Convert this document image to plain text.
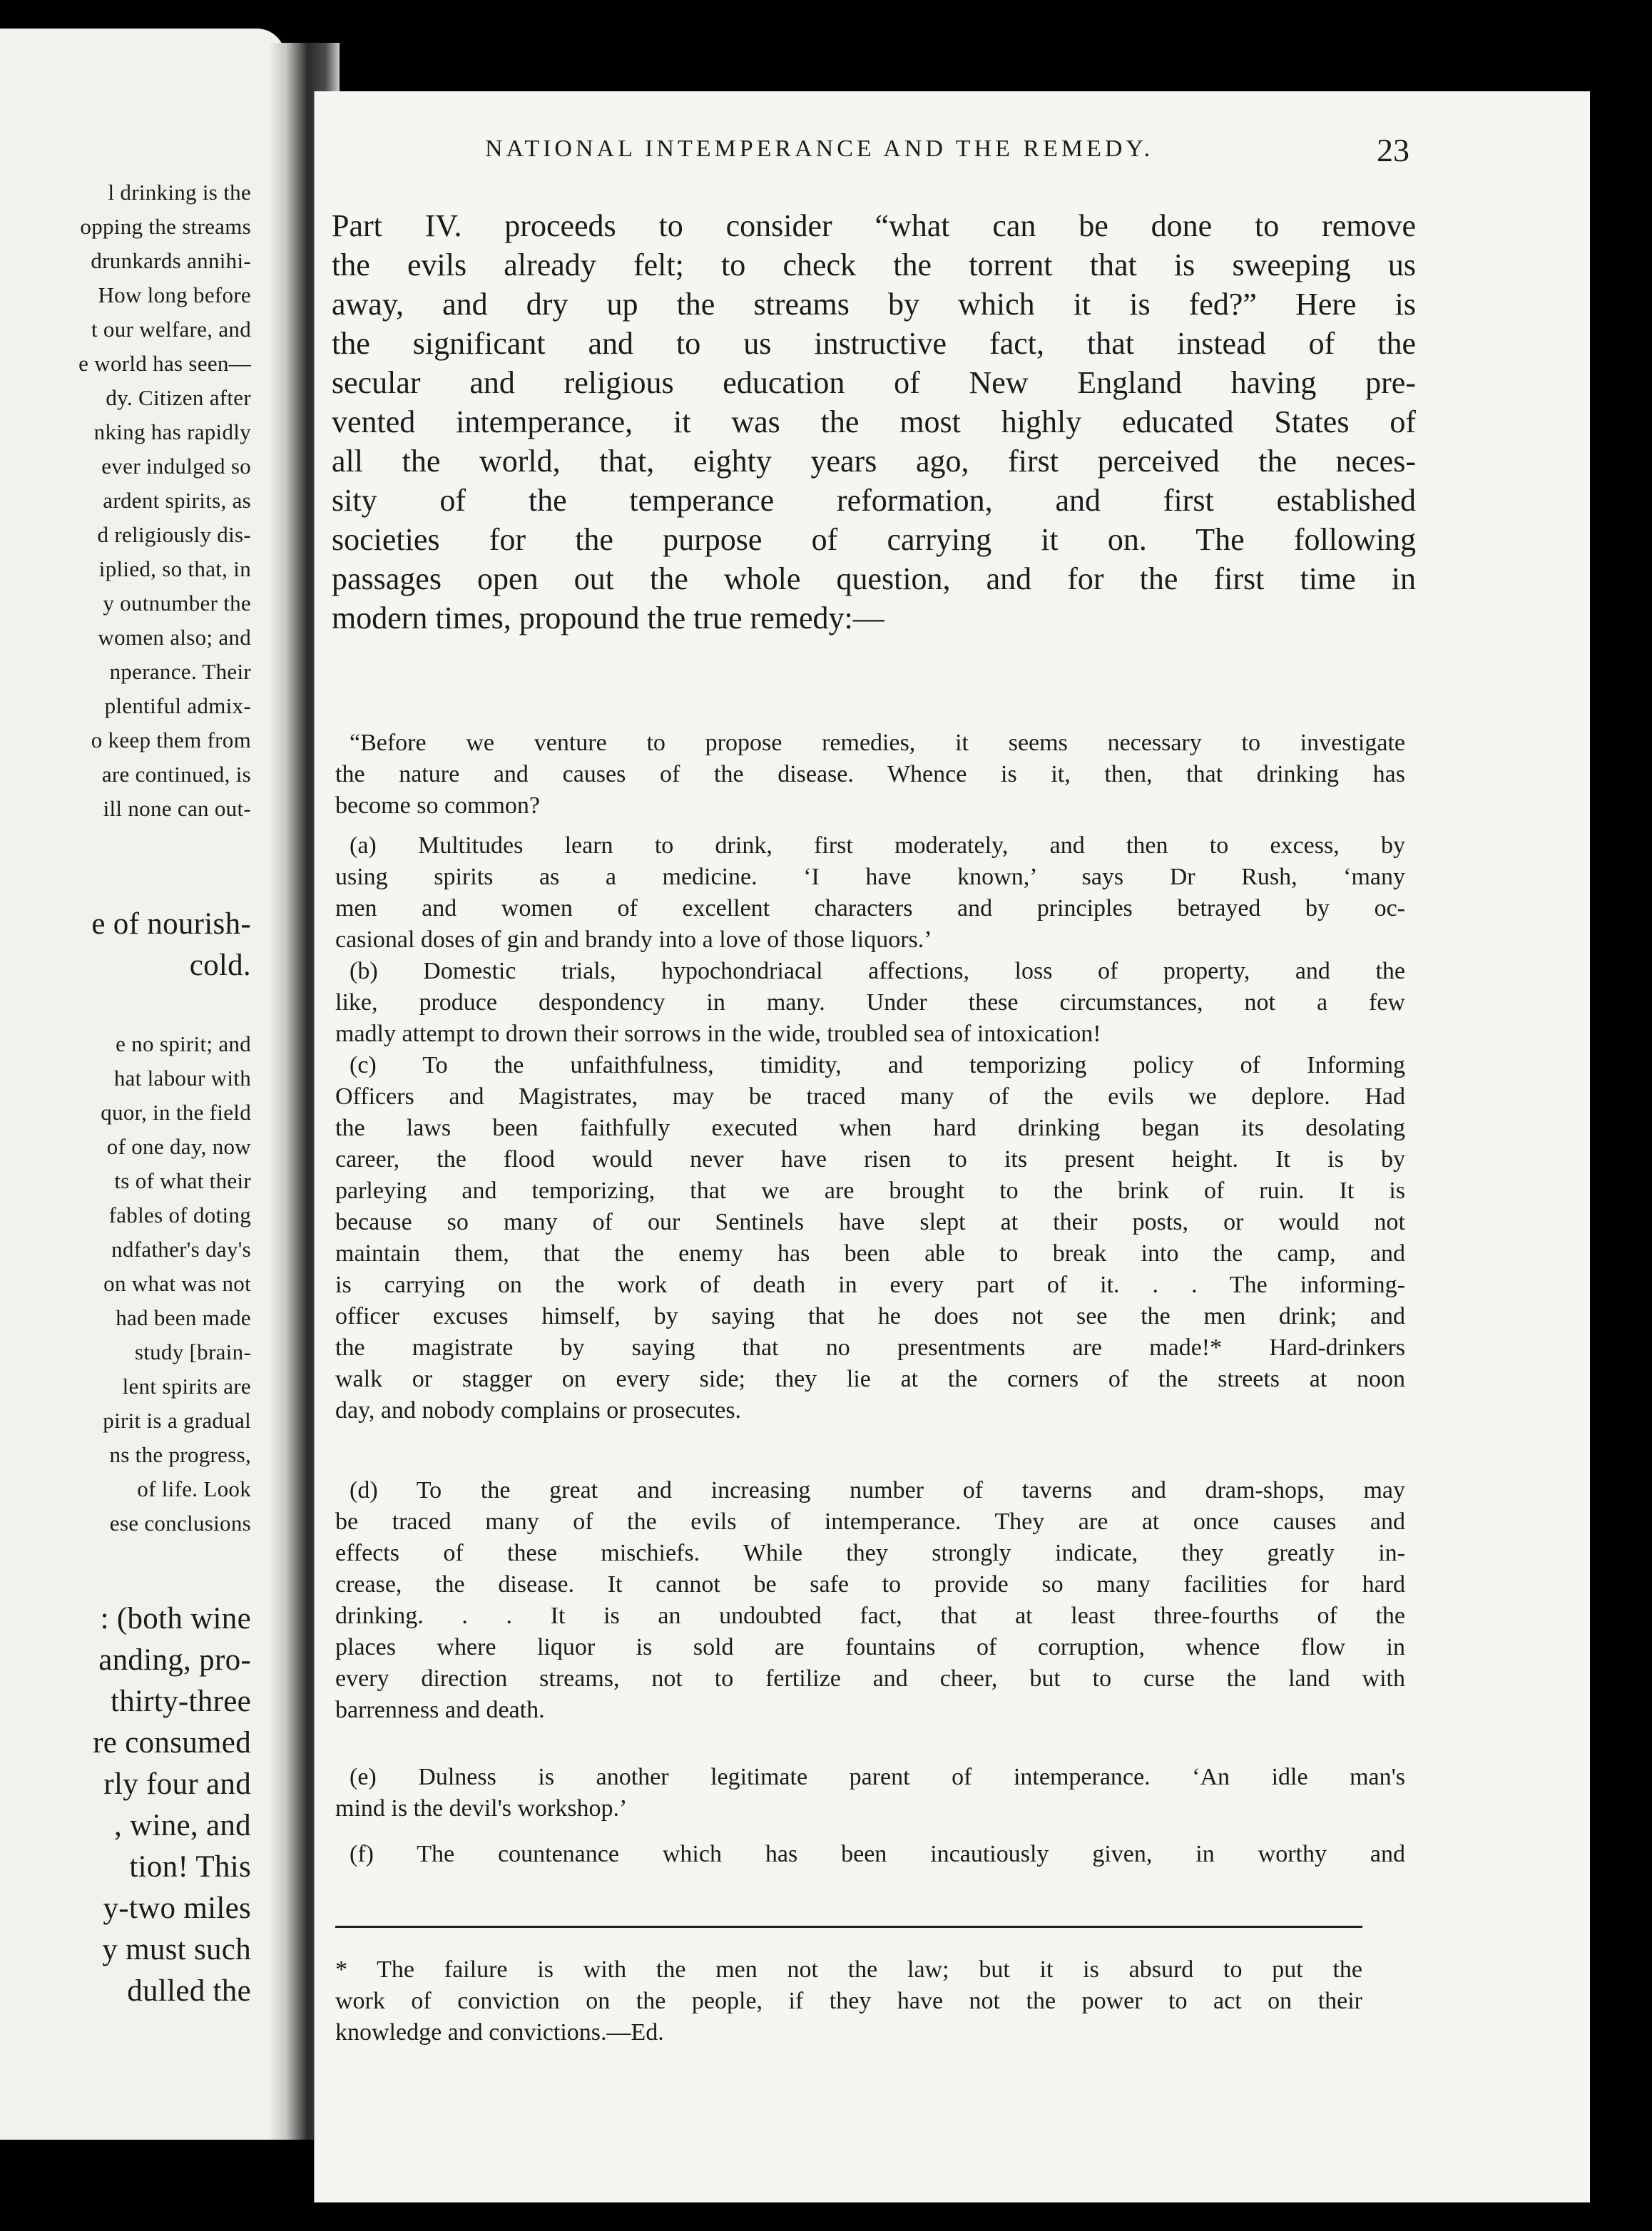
l drinking is the
opping the streams
drunkards annihi-
How long before
t our welfare, and
e world has seen—
dy. Citizen after
nking has rapidly
ever indulged so
ardent spirits, as
d religiously dis-
iplied, so that, in
y outnumber the
women also; and
nperance. Their
plentiful admix-
o keep them from
are continued, is
ill none can out-
e of nourish-
cold.
e no spirit; and
hat labour with
quor, in the field
of one day, now
ts of what their
fables of doting
ndfather's day's
on what was not
had been made
study [brain-
lent spirits are
pirit is a gradual
ns the progress,
of life. Look
ese conclusions
: (both wine
anding, pro-
thirty-three
re consumed
rly four and
, wine, and
tion! This
y-two miles
y must such
dulled the
NATIONAL INTEMPERANCE AND THE REMEDY.	23
Part IV. proceeds to consider “what can be done to remove
the evils already felt; to check the torrent that is sweeping us
away, and dry up the streams by which it is fed?” Here is
the significant and to us instructive fact, that instead of the
secular and religious education of New England having pre-
vented intemperance, it was the most highly educated States of
all the world, that, eighty years ago, first perceived the neces-
sity of the temperance reformation, and first established
societies for the purpose of carrying it on. The following
passages open out the whole question, and for the first time in
modern times, propound the true remedy:—
“Before we venture to propose remedies, it seems necessary to investigate
the nature and causes of the disease. Whence is it, then, that drinking has
become so common?
(a) Multitudes learn to drink, first moderately, and then to excess, by
using spirits as a medicine. ‘I have known,’ says Dr Rush, ‘many
men and women of excellent characters and principles betrayed by oc-
casional doses of gin and brandy into a love of those liquors.’
(b) Domestic trials, hypochondriacal affections, loss of property, and the
like, produce despondency in many. Under these circumstances, not a few
madly attempt to drown their sorrows in the wide, troubled sea of intoxication!
(c) To the unfaithfulness, timidity, and temporizing policy of Informing
Officers and Magistrates, may be traced many of the evils we deplore. Had
the laws been faithfully executed when hard drinking began its desolating
career, the flood would never have risen to its present height. It is by
parleying and temporizing, that we are brought to the brink of ruin. It is
because so many of our Sentinels have slept at their posts, or would not
maintain them, that the enemy has been able to break into the camp, and
is carrying on the work of death in every part of it. . . The informing-
officer excuses himself, by saying that he does not see the men drink; and
the magistrate by saying that no presentments are made!* Hard-drinkers
walk or stagger on every side; they lie at the corners of the streets at noon
day, and nobody complains or prosecutes.
(d) To the great and increasing number of taverns and dram-shops, may
be traced many of the evils of intemperance. They are at once causes and
effects of these mischiefs. While they strongly indicate, they greatly in-
crease, the disease. It cannot be safe to provide so many facilities for hard
drinking. . . It is an undoubted fact, that at least three-fourths of the
places where liquor is sold are fountains of corruption, whence flow in
every direction streams, not to fertilize and cheer, but to curse the land with
barrenness and death.
(e) Dulness is another legitimate parent of intemperance. ‘An idle man's
mind is the devil's workshop.’
(f) The countenance which has been incautiously given, in worthy and
* The failure is with the men not the law; but it is absurd to put the
work of conviction on the people, if they have not the power to act on their
knowledge and convictions.—Ed.
